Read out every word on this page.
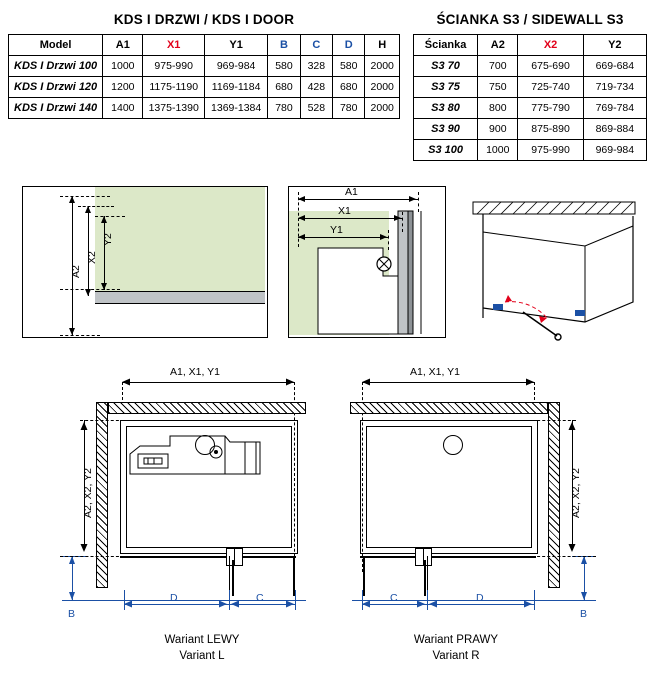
KDS I DRZWI / KDS I DOOR
Model	A1	X1	Y1	B	C	D	H
KDS I Drzwi 100	1000	975-990	969-984	580	328	580	2000
KDS I Drzwi 120	1200	1175-1190	1169-1184	680	428	680	2000
KDS I Drzwi 140	1400	1375-1390	1369-1384	780	528	780	2000
ŚCIANKA S3 / SIDEWALL S3
Ścianka	A2	X2	Y2
S3 70	700	675-690	669-684
S3 75	750	725-740	719-734
S3 80	800	775-790	769-784
S3 90	900	875-890	869-884
S3 100	1000	975-990	969-984
A2
X2
Y2
A1
X1
Y1
A1, X1, Y1
B
D	C
A2, X2, Y2
Wariant LEWY
Variant L
A1, X1, Y1
B
C	D
A2, X2, Y2
Wariant PRAWY
Variant R
